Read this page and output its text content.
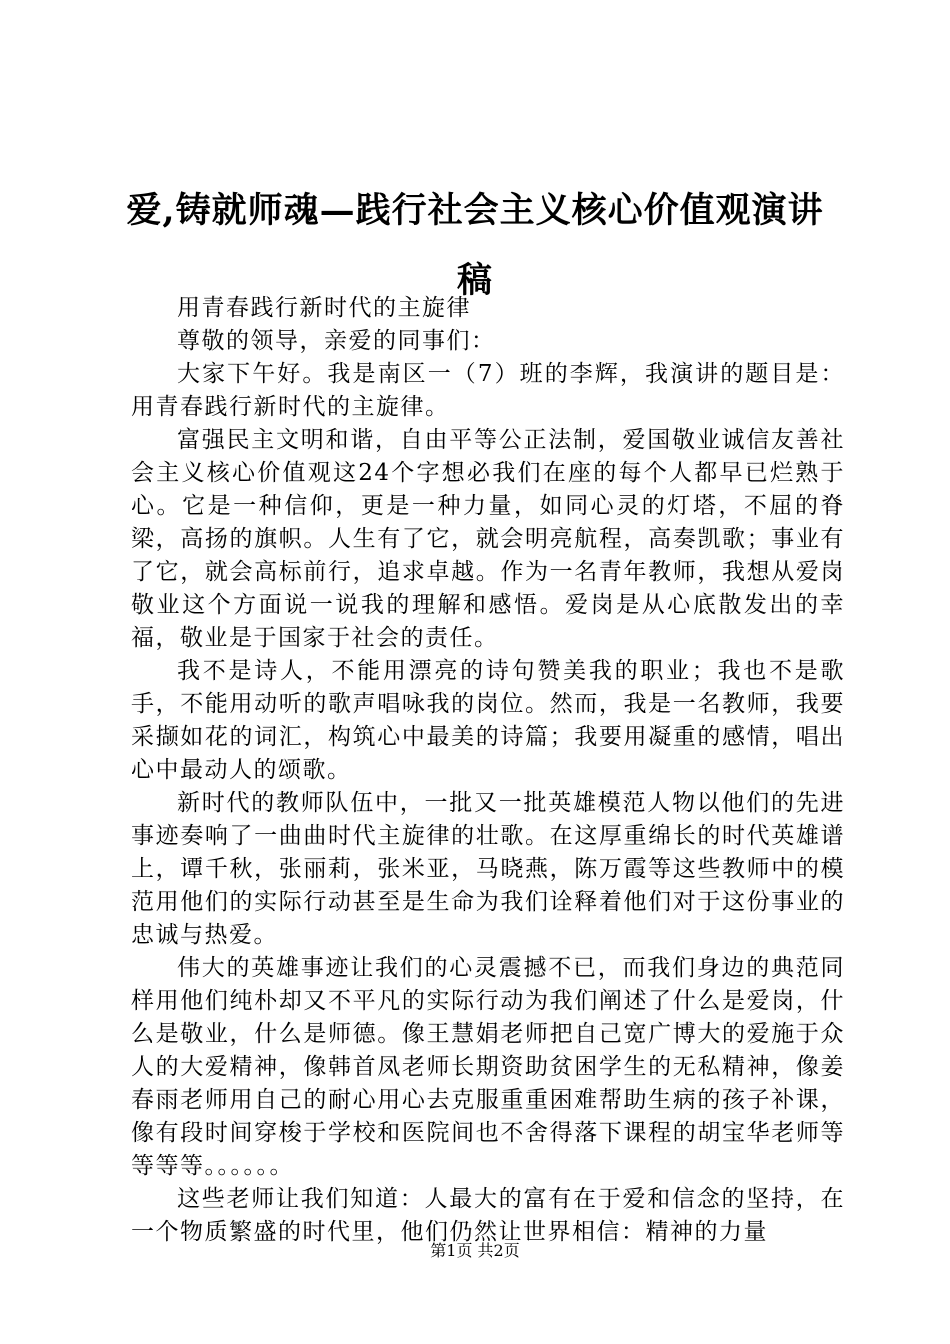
爱,铸就师魂—践行社会主义核心价值观演讲稿

用青春践行新时代的主旋律

尊敬的领导，亲爱的同事们：

大家下午好。我是南区一（7）班的李辉，我演讲的题目是：用青春践行新时代的主旋律。

富强民主文明和谐，自由平等公正法制，爱国敬业诚信友善社会主义核心价值观这24个字想必我们在座的每个人都早已烂熟于心。它是一种信仰，更是一种力量，如同心灵的灯塔，不屈的脊梁，高扬的旗帜。人生有了它，就会明亮航程，高奏凯歌；事业有了它，就会高标前行，追求卓越。作为一名青年教师，我想从爱岗敬业这个方面说一说我的理解和感悟。爱岗是从心底散发出的幸福，敬业是于国家于社会的责任。

我不是诗人，不能用漂亮的诗句赞美我的职业；我也不是歌手，不能用动听的歌声唱咏我的岗位。然而，我是一名教师，我要采撷如花的词汇，构筑心中最美的诗篇；我要用凝重的感情，唱出心中最动人的颂歌。

新时代的教师队伍中，一批又一批英雄模范人物以他们的先进事迹奏响了一曲曲时代主旋律的壮歌。在这厚重绵长的时代英雄谱上，谭千秋，张丽莉，张米亚，马晓燕，陈万霞等这些教师中的模范用他们的实际行动甚至是生命为我们诠释着他们对于这份事业的忠诚与热爱。

伟大的英雄事迹让我们的心灵震撼不已，而我们身边的典范同样用他们纯朴却又不平凡的实际行动为我们阐述了什么是爱岗，什么是敬业，什么是师德。像王慧娟老师把自己宽广博大的爱施于众人的大爱精神，像韩首凤老师长期资助贫困学生的无私精神，像姜春雨老师用自己的耐心用心去克服重重困难帮助生病的孩子补课，像有段时间穿梭于学校和医院间也不舍得落下课程的胡宝华老师等等等等。。。。。。

这些老师让我们知道：人最大的富有在于爱和信念的坚持，在一个物质繁盛的时代里，他们仍然让世界相信：精神的力量

第1页 共2页
